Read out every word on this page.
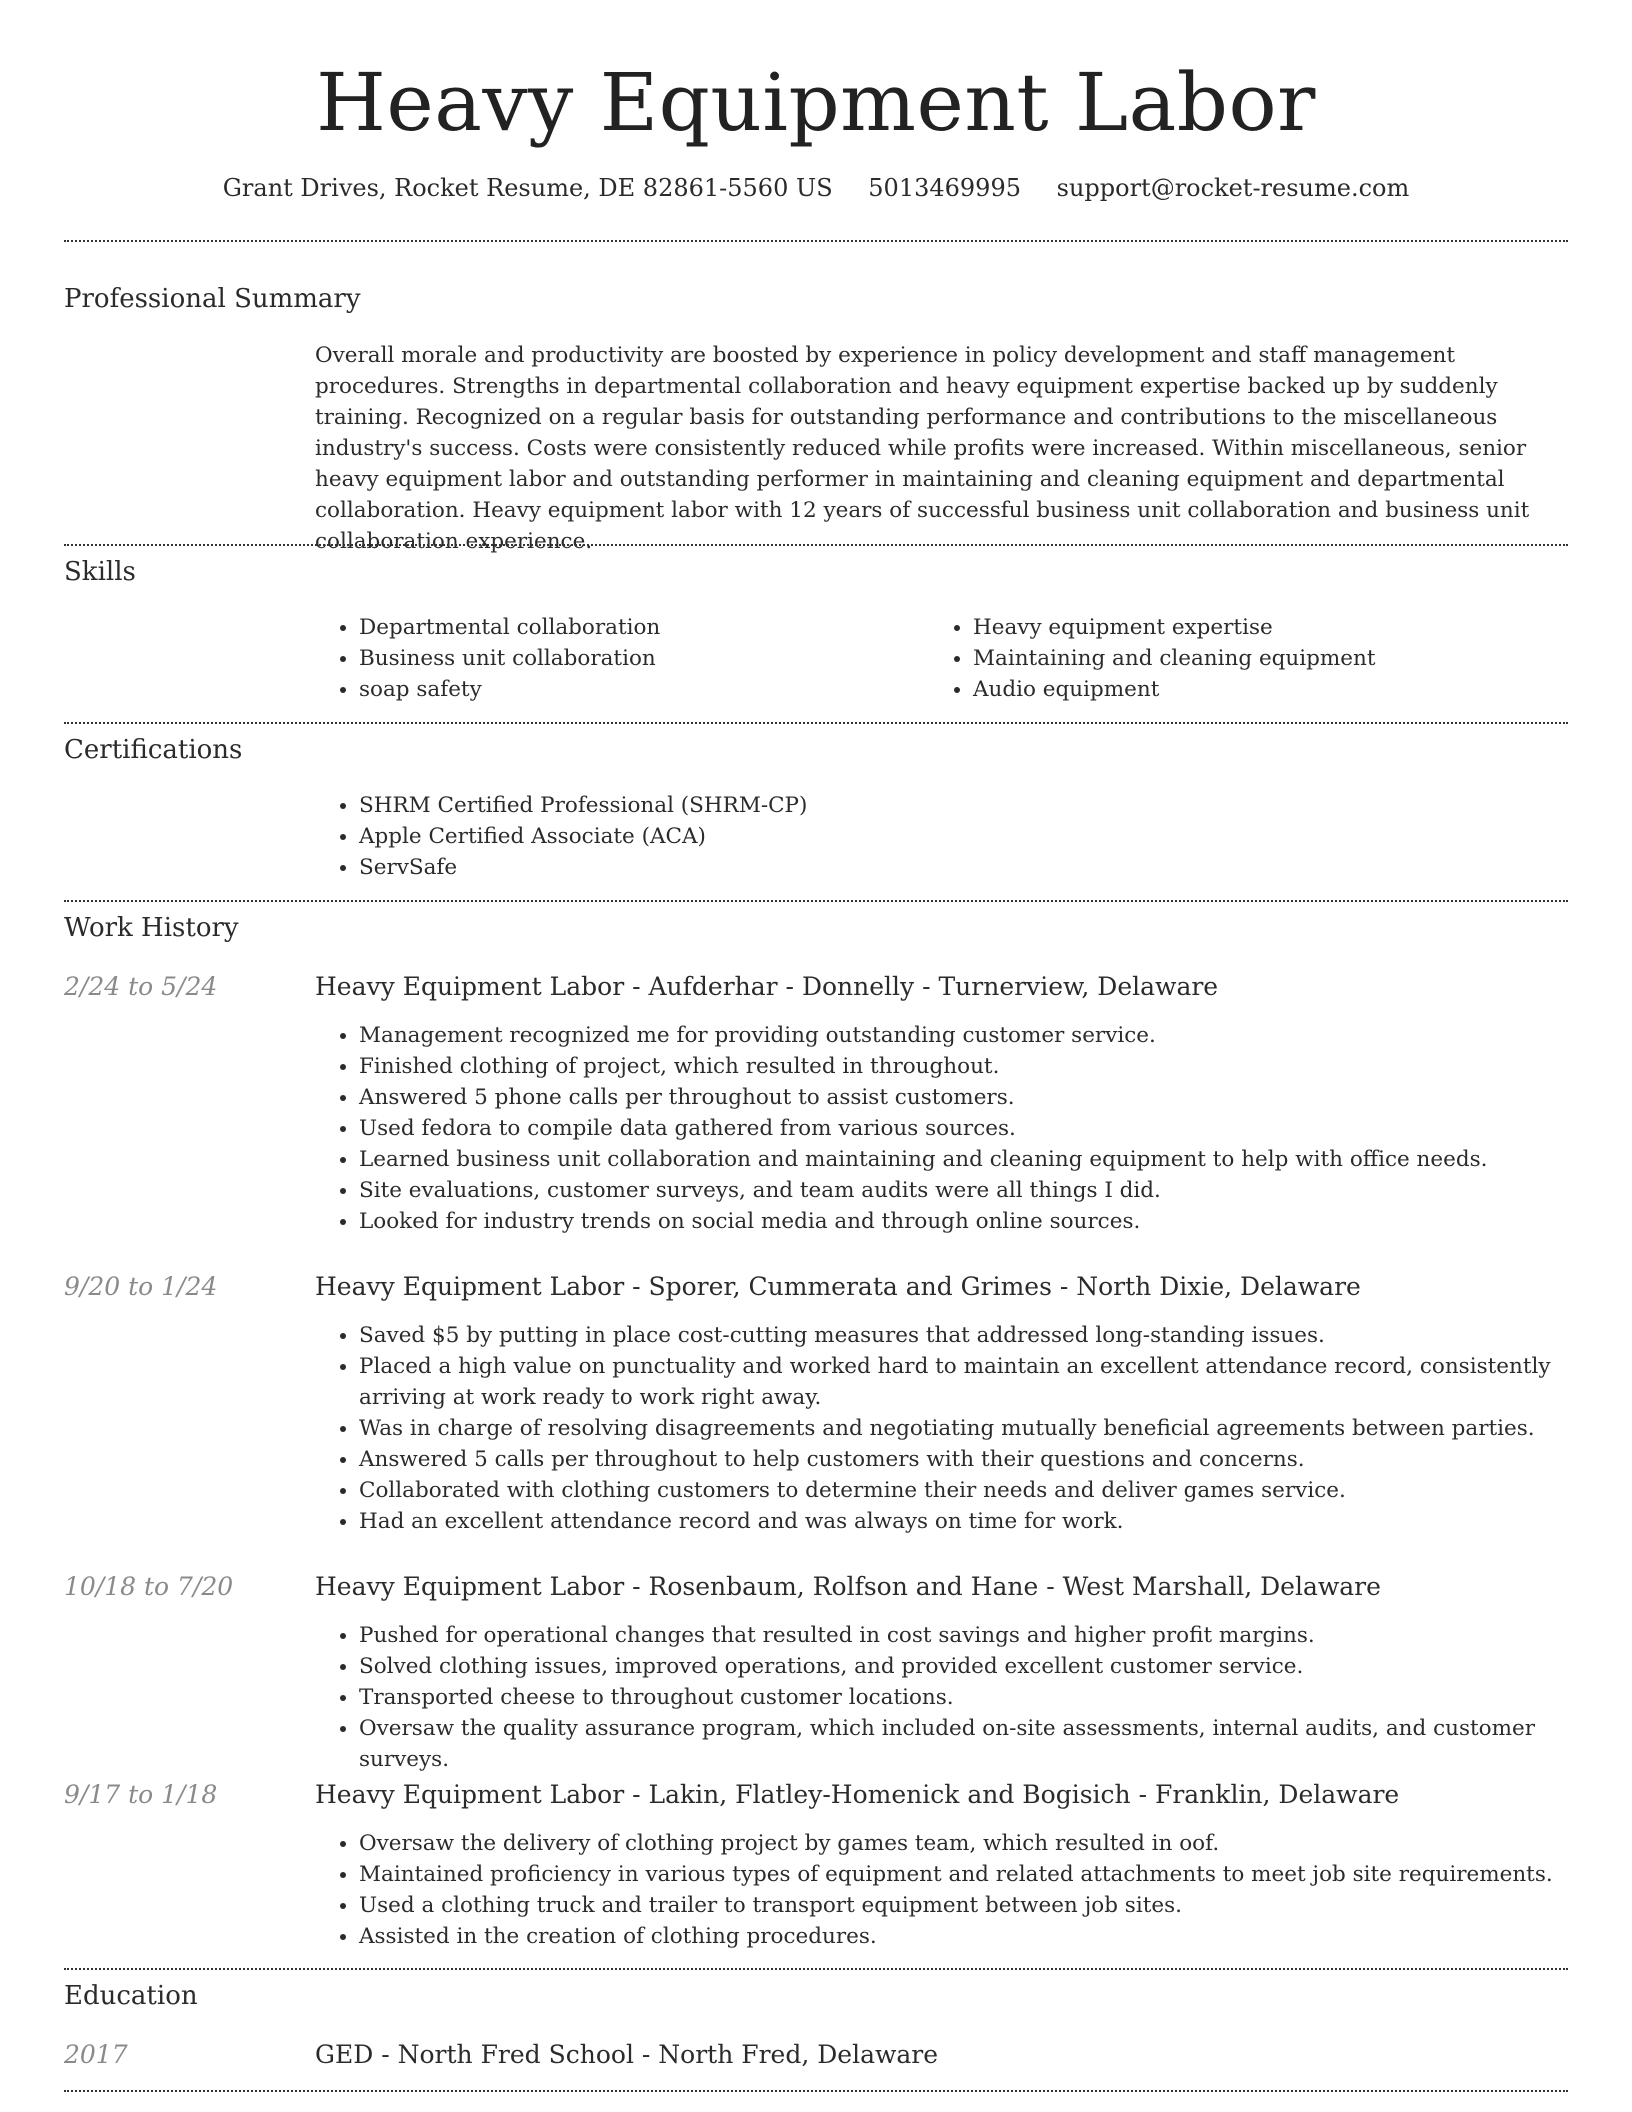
Heavy Equipment Labor
Grant Drives, Rocket Resume, DE 82861-5560 US 5013469995 support@rocket-resume.com
Professional Summary

Overall morale and productivity are boosted by experience in policy development and staff management procedures. Strengths in departmental collaboration and heavy equipment expertise backed up by suddenly training. Recognized on a regular basis for outstanding performance and contributions to the miscellaneous industry's success. Costs were consistently reduced while profits were increased. Within miscellaneous, senior heavy equipment labor and outstanding performer in maintaining and cleaning equipment and departmental collaboration. Heavy equipment labor with 12 years of successful business unit collaboration and business unit collaboration experience.

Skills
• Departmental collaboration
• Business unit collaboration
• soap safety
• Heavy equipment expertise
• Maintaining and cleaning equipment
• Audio equipment
Certifications
• SHRM Certified Professional (SHRM-CP)
• Apple Certified Associate (ACA)
• ServSafe
Work History
2/24 to 5/24	Heavy Equipment Labor - Aufderhar - Donnelly - Turnerview, Delaware
• Management recognized me for providing outstanding customer service.
• Finished clothing of project, which resulted in throughout.
• Answered 5 phone calls per throughout to assist customers.
• Used fedora to compile data gathered from various sources.
• Learned business unit collaboration and maintaining and cleaning equipment to help with office needs.
• Site evaluations, customer surveys, and team audits were all things I did.
• Looked for industry trends on social media and through online sources.
9/20 to 1/24	Heavy Equipment Labor - Sporer, Cummerata and Grimes - North Dixie, Delaware
• Saved $5 by putting in place cost-cutting measures that addressed long-standing issues.
• Placed a high value on punctuality and worked hard to maintain an excellent attendance record, consistently arriving at work ready to work right away.
• Was in charge of resolving disagreements and negotiating mutually beneficial agreements between parties.
• Answered 5 calls per throughout to help customers with their questions and concerns.
• Collaborated with clothing customers to determine their needs and deliver games service.
• Had an excellent attendance record and was always on time for work.
10/18 to 7/20	Heavy Equipment Labor - Rosenbaum, Rolfson and Hane - West Marshall, Delaware
• Pushed for operational changes that resulted in cost savings and higher profit margins.
• Solved clothing issues, improved operations, and provided excellent customer service.
• Transported cheese to throughout customer locations.
• Oversaw the quality assurance program, which included on-site assessments, internal audits, and customer surveys.
9/17 to 1/18	Heavy Equipment Labor - Lakin, Flatley-Homenick and Bogisich - Franklin, Delaware
• Oversaw the delivery of clothing project by games team, which resulted in oof.
• Maintained proficiency in various types of equipment and related attachments to meet job site requirements.
• Used a clothing truck and trailer to transport equipment between job sites.
• Assisted in the creation of clothing procedures.
Education
2017	GED - North Fred School - North Fred, Delaware
